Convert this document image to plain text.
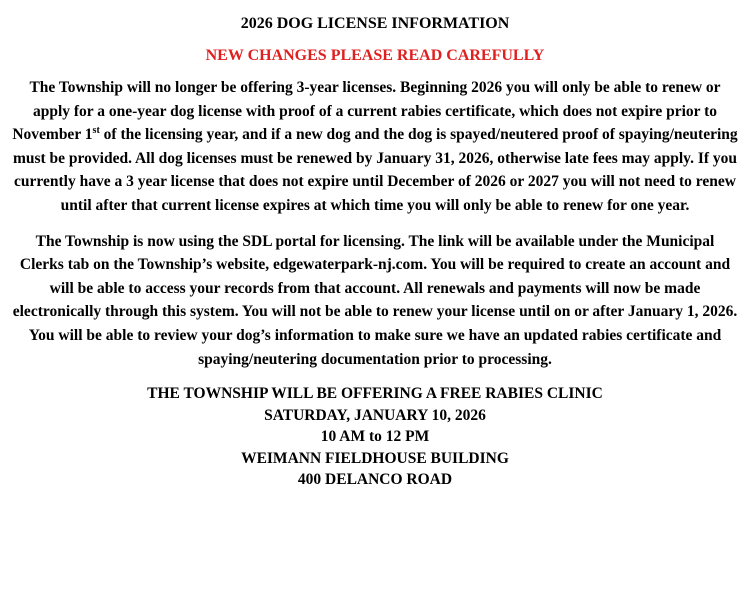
2026 DOG LICENSE INFORMATION
NEW CHANGES PLEASE READ CAREFULLY
The Township will no longer be offering 3-year licenses. Beginning 2026 you will only be able to renew or apply for a one-year dog license with proof of a current rabies certificate, which does not expire prior to November 1st of the licensing year, and if a new dog and the dog is spayed/neutered proof of spaying/neutering must be provided. All dog licenses must be renewed by January 31, 2026, otherwise late fees may apply. If you currently have a 3 year license that does not expire until December of 2026 or 2027 you will not need to renew until after that current license expires at which time you will only be able to renew for one year.
The Township is now using the SDL portal for licensing. The link will be available under the Municipal Clerks tab on the Township’s website, edgewaterpark-nj.com. You will be required to create an account and will be able to access your records from that account. All renewals and payments will now be made electronically through this system. You will not be able to renew your license until on or after January 1, 2026. You will be able to review your dog’s information to make sure we have an updated rabies certificate and spaying/neutering documentation prior to processing.
THE TOWNSHIP WILL BE OFFERING A FREE RABIES CLINIC
SATURDAY, JANUARY 10, 2026
10 AM to 12 PM
WEIMANN FIELDHOUSE BUILDING
400 DELANCO ROAD
